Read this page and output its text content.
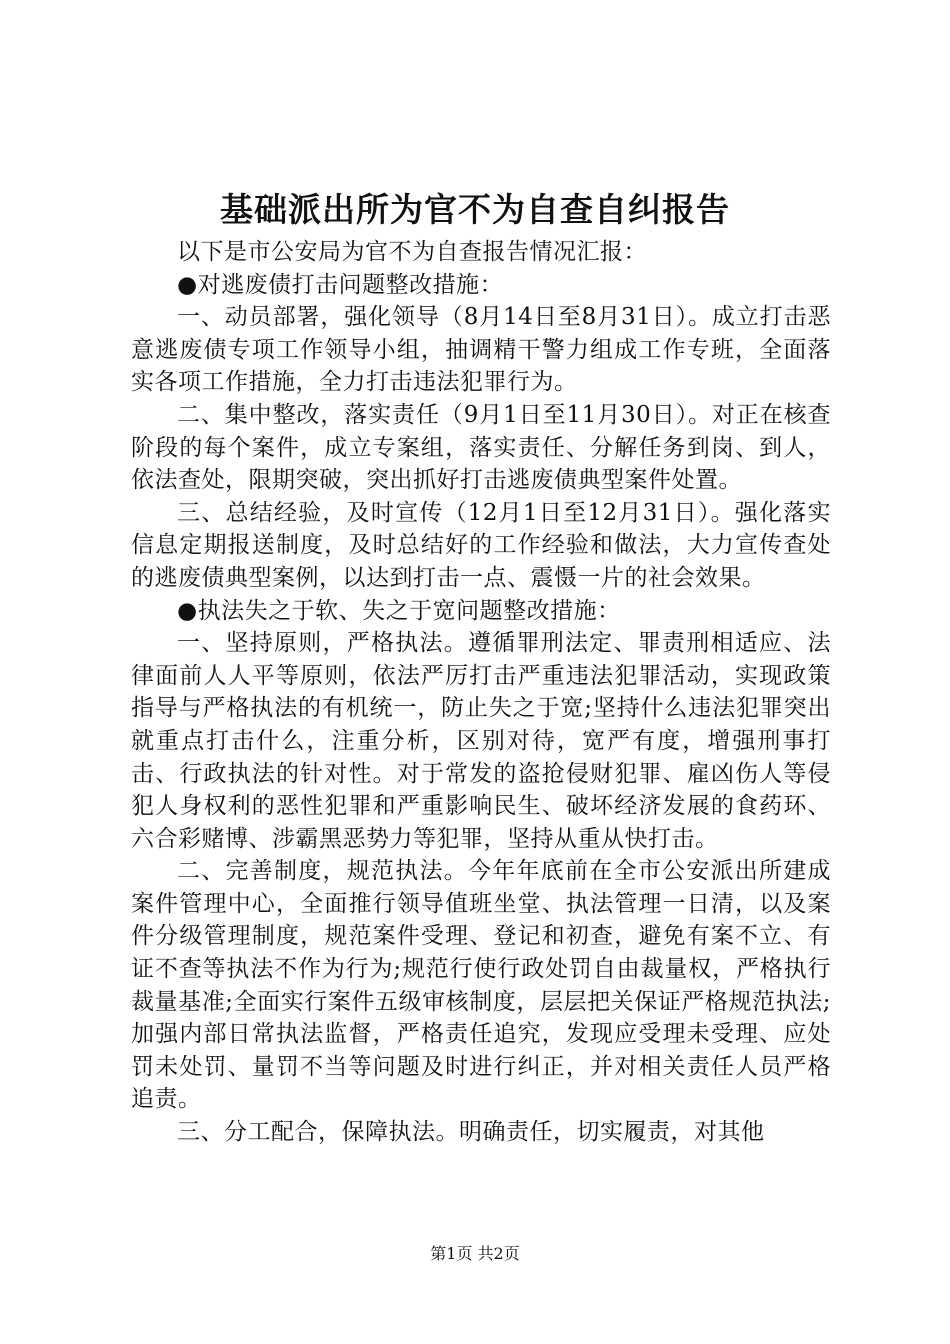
基础派出所为官不为自查自纠报告

以下是市公安局为官不为自查报告情况汇报：

●对逃废债打击问题整改措施：

一、动员部署，强化领导（8月14日至8月31日）。成立打击恶意逃废债专项工作领导小组，抽调精干警力组成工作专班，全面落实各项工作措施，全力打击违法犯罪行为。

二、集中整改，落实责任（9月1日至11月30日）。对正在核查阶段的每个案件，成立专案组，落实责任、分解任务到岗、到人，依法查处，限期突破，突出抓好打击逃废债典型案件处置。

三、总结经验，及时宣传（12月1日至12月31日）。强化落实信息定期报送制度，及时总结好的工作经验和做法，大力宣传查处的逃废债典型案例，以达到打击一点、震慑一片的社会效果。

●执法失之于软、失之于宽问题整改措施：

一、坚持原则，严格执法。遵循罪刑法定、罪责刑相适应、法律面前人人平等原则，依法严厉打击严重违法犯罪活动，实现政策指导与严格执法的有机统一，防止失之于宽;坚持什么违法犯罪突出就重点打击什么，注重分析，区别对待，宽严有度，增强刑事打击、行政执法的针对性。对于常发的盗抢侵财犯罪、雇凶伤人等侵犯人身权利的恶性犯罪和严重影响民生、破坏经济发展的食药环、六合彩赌博、涉霸黑恶势力等犯罪，坚持从重从快打击。

二、完善制度，规范执法。今年年底前在全市公安派出所建成案件管理中心，全面推行领导值班坐堂、执法管理一日清，以及案件分级管理制度，规范案件受理、登记和初查，避免有案不立、有证不查等执法不作为行为;规范行使行政处罚自由裁量权，严格执行裁量基准;全面实行案件五级审核制度，层层把关保证严格规范执法;加强内部日常执法监督，严格责任追究，发现应受理未受理、应处罚未处罚、量罚不当等问题及时进行纠正，并对相关责任人员严格追责。

三、分工配合，保障执法。明确责任，切实履责，对其他

第1页 共2页
